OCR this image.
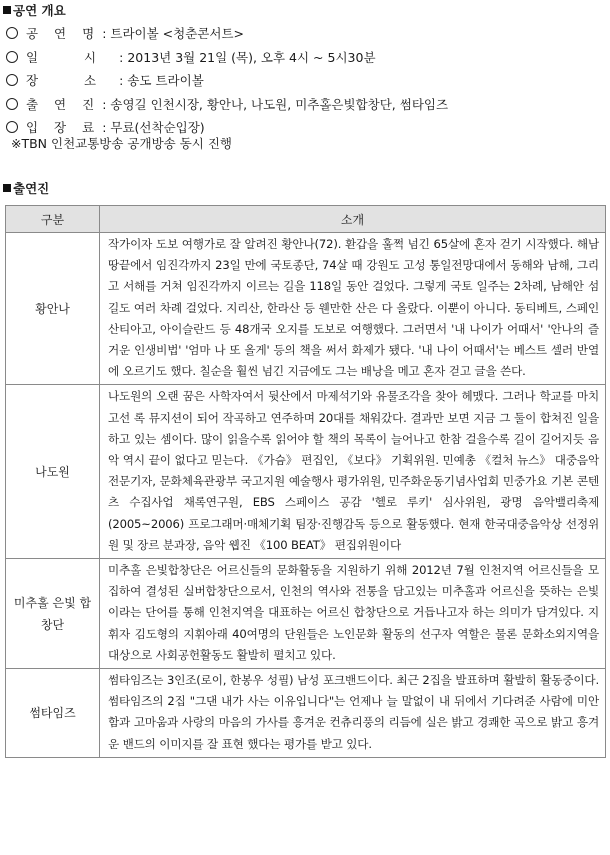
공연 개요
공 연 명 : 트라이볼 <청춘콘서트>
일 시 : 2013년 3월 21일 (목), 오후 4시 ~ 5시30분
장 소 : 송도 트라이볼
출 연 진 : 송영길 인천시장, 황안나, 나도원, 미추홀은빛합창단, 썸타임즈
입 장 료 : 무료(선착순입장)
※TBN 인천교통방송 공개방송 동시 진행
출연진
구분	소개
황안나	작가이자 도보 여행가로 잘 알려진 황안나(72). 환갑을 훌쩍 넘긴 65살에 혼자 걷기 시작했다. 해남 땅끝에서 임진각까지 23일 만에 국토종단, 74살 때 강원도 고성 통일전망대에서 동해와 남해, 그리고 서해를 거쳐 임진각까지 이르는 길을 118일 동안 걸었다. 그렇게 국토 일주는 2차례, 남해안 섬길도 여러 차례 걸었다. 지리산, 한라산 등 웬만한 산은 다 올랐다. 이뿐이 아니다. 동티베트, 스페인 산티아고, 아이슬란드 등 48개국 오지를 도보로 여행했다. 그러면서 '내 나이가 어때서' '안나의 즐거운 인생비법' '엄마 나 또 올게' 등의 책을 써서 화제가 됐다. '내 나이 어때서'는 베스트 셀러 반열에 오르기도 했다. 칠순을 훨씬 넘긴 지금에도 그는 배낭을 메고 혼자 걷고 글을 쓴다.
나도원	나도원의 오랜 꿈은 사학자여서 뒷산에서 마제석기와 유물조각을 찾아 헤맸다. 그러나 학교를 마치고선 록 뮤지션이 되어 작곡하고 연주하며 20대를 채워갔다. 결과만 보면 지금 그 둘이 합쳐진 일을 하고 있는 셈이다. 많이 읽을수록 읽어야 할 책의 목록이 늘어나고 한참 걸을수록 길이 길어지듯 음악 역시 끝이 없다고 믿는다. 《가슴》 편집인, 《보다》 기획위원. 민예총 《컬처 뉴스》 대중음악전문기자, 문화체육관광부 국고지원 예술행사 평가위원, 민주화운동기념사업회 민중가요 기본 콘텐츠 수집사업 채록연구원, EBS 스페이스 공감 '헬로 루키' 심사위원, 광명 음악밸리축제(2005~2006) 프로그래머·매체기획 팀장·진행감독 등으로 활동했다. 현재 한국대중음악상 선정위원 및 장르 분과장, 음악 웹진 《100 BEAT》 편집위원이다
미추홀 은빛 합창단	미추홀 은빛합창단은 어르신들의 문화활동을 지원하기 위해 2012년 7월 인천지역 어르신들을 모집하여 결성된 실버합창단으로서, 인천의 역사와 전통을 담고있는 미추홀과 어르신을 뜻하는 은빛이라는 단어를 통해 인천지역을 대표하는 어르신 합창단으로 거듭나고자 하는 의미가 담겨있다. 지휘자 김도형의 지휘아래 40여명의 단원들은 노인문화 활동의 선구자 역할은 물론 문화소외지역을 대상으로 사회공헌활동도 활발히 펼치고 있다.
썸타임즈	썸타임즈는 3인조(로이, 한봉우 성필) 남성 포크밴드이다. 최근 2집을 발표하며 활발히 활동중이다. 썸타임즈의 2집 "그댄 내가 사는 이유입니다"는 언제나 늘 말없이 내 뒤에서 기다려준 사람에 미안함과 고마움과 사랑의 마음의 가사를 흥겨운 컨츄리풍의 리듬에 실은 밝고 경쾌한 곡으로 밝고 흥겨운 밴드의 이미지를 잘 표현 했다는 평가를 받고 있다.
